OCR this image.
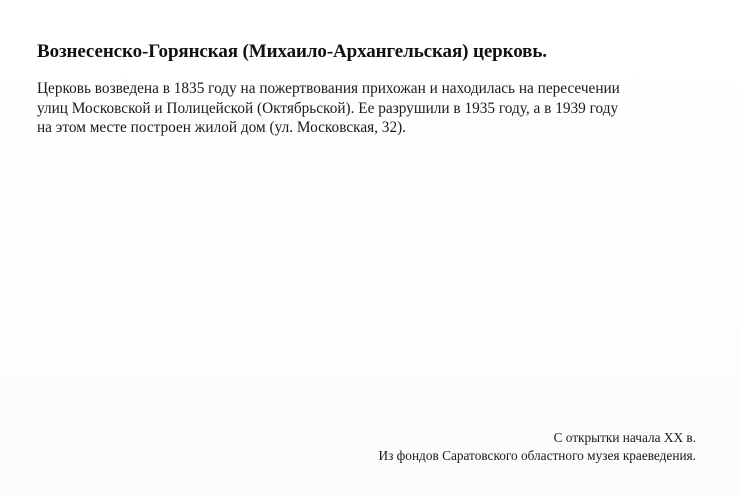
Вознесенско-Горянская (Михаило-Архангельская) церковь.

Церковь возведена в 1835 году на пожертвования прихожан и находилась на пересечении
улиц Московской и Полицейской (Октябрьской). Ее разрушили в 1935 году, а в 1939 году
на этом месте построен жилой дом (ул. Московская, 32).

С открытки начала XX в.
Из фондов Саратовского областного музея краеведения.
